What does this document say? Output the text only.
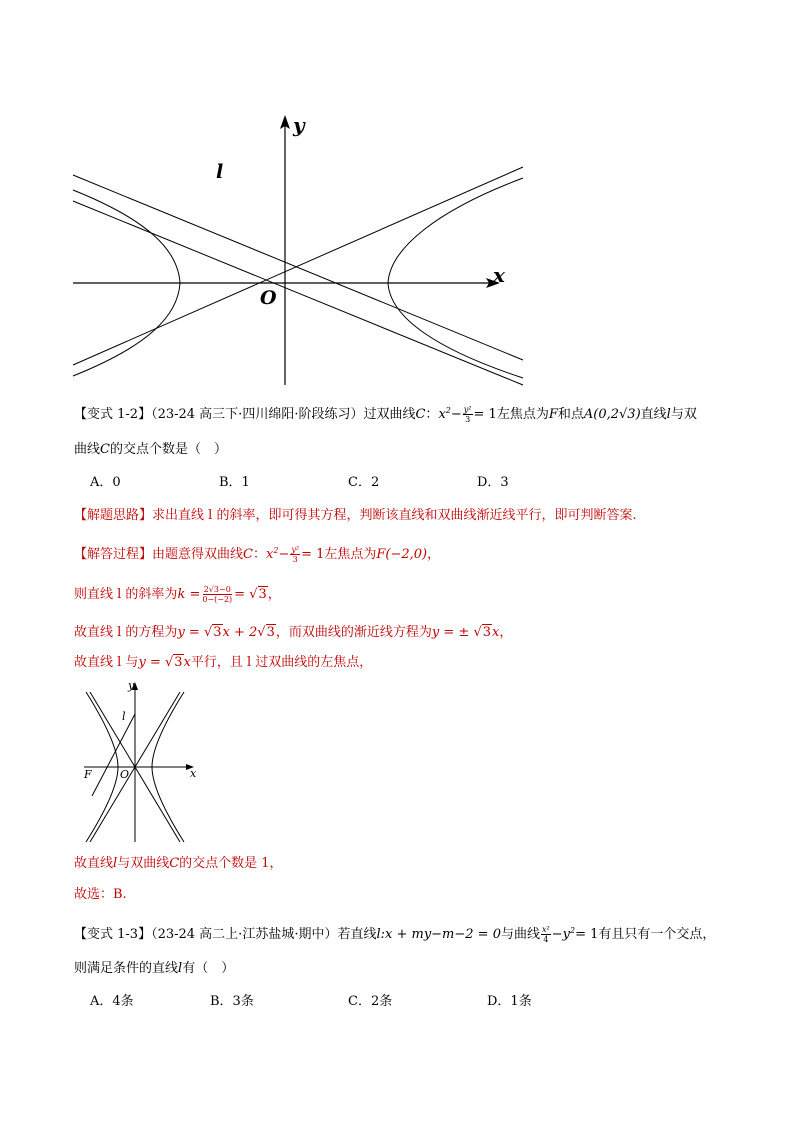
y
x
O
l
【变式 1-2】（23-24 高三下·四川绵阳·阶段练习）过双曲线C：$x^2- \frac{\text{y²}}{3} = 1$左焦点为F和点A(0,2√3)直线l与双
曲线C的交点个数是（　）
A．0	B．1	C．2	D．3
【解题思路】求出直线 l 的斜率，即可得其方程，判断该直线和双曲线渐近线平行，即可判断答案.
【解答过程】由题意得双曲线C：$x^2- \frac{\text{y²}}{3} = 1$左焦点为F(−2,0)，
则直线 l 的斜率为$k = \frac{2√3-0}{0-(-2)} = √3$，
故直线 l 的方程为y = √3x + 2√3，而双曲线的渐近线方程为y = ± √3x，
故直线 l 与y = √3x平行，且 l 过双曲线的左焦点，
y
x
l
F	O
故直线l与双曲线C的交点个数是 1，
故选：B.
【变式 1-3】（23-24 高二上·江苏盐城·期中）若直线l:x + my−m−2 = 0与曲线 $\frac{\text{x²}}{4} -y^2= 1$有且只有一个交点，
则满足条件的直线l有（　）
A．4条	B．3条	C．2条	D．1条
